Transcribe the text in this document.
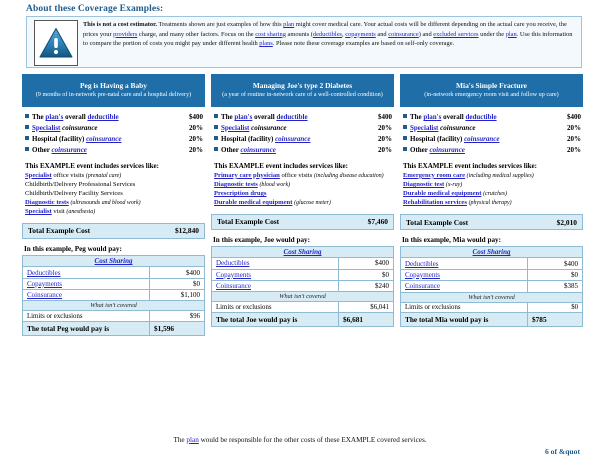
About these Coverage Examples:
This is not a cost estimator. Treatments shown are just examples of how this plan might cover medical care. Your actual costs will be different depending on the actual care you receive, the prices your providers charge, and many other factors. Focus on the cost sharing amounts (deductibles, copayments and coinsurance) and excluded services under the plan. Use this information to compare the portion of costs you might pay under different health plans. Please note these coverage examples are based on self-only coverage.
Peg is Having a Baby
(9 months of in-network pre-natal care and a hospital delivery)
The plan's overall deductible	$400
Specialist coinsurance	20%
Hospital (facility) coinsurance	20%
Other coinsurance	20%
This EXAMPLE event includes services like:
Specialist office visits (prenatal care)
Childbirth/Delivery Professional Services
Childbirth/Delivery Facility Services
Diagnostic tests (ultrasounds and blood work)
Specialist visit (anesthesia)
Total Example Cost	$12,840
In this example, Peg would pay:
Cost Sharing	
Deductibles	$400
Copayments	$0
Coinsurance	$1,100
What isn't covered	
Limits or exclusions	$96
The total Peg would pay is	$1,596
Managing Joe's type 2 Diabetes
(a year of routine in-network care of a well-controlled condition)
The plan's overall deductible	$400
Specialist coinsurance	20%
Hospital (facility) coinsurance	20%
Other coinsurance	20%
This EXAMPLE event includes services like:
Primary care physician office visits (including disease education)
Diagnostic tests (blood work)
Prescription drugs
Durable medical equipment (glucose meter)
Total Example Cost	$7,460
In this example, Joe would pay:
Cost Sharing	
Deductibles	$400
Copayments	$0
Coinsurance	$240
What isn't covered	
Limits or exclusions	$6,041
The total Joe would pay is	$6,681
Mia's Simple Fracture
(in-network emergency room visit and follow up care)
The plan's overall deductible	$400
Specialist coinsurance	20%
Hospital (facility) coinsurance	20%
Other coinsurance	20%
This EXAMPLE event includes services like:
Emergency room care (including medical supplies)
Diagnostic test (x-ray)
Durable medical equipment (crutches)
Rehabilitation services (physical therapy)
Total Example Cost	$2,010
In this example, Mia would pay:
Cost Sharing	
Deductibles	$400
Copayments	$0
Coinsurance	$385
What isn't covered	
Limits or exclusions	$0
The total Mia would pay is	$785
The plan would be responsible for the other costs of these EXAMPLE covered services.
6 of &quot
